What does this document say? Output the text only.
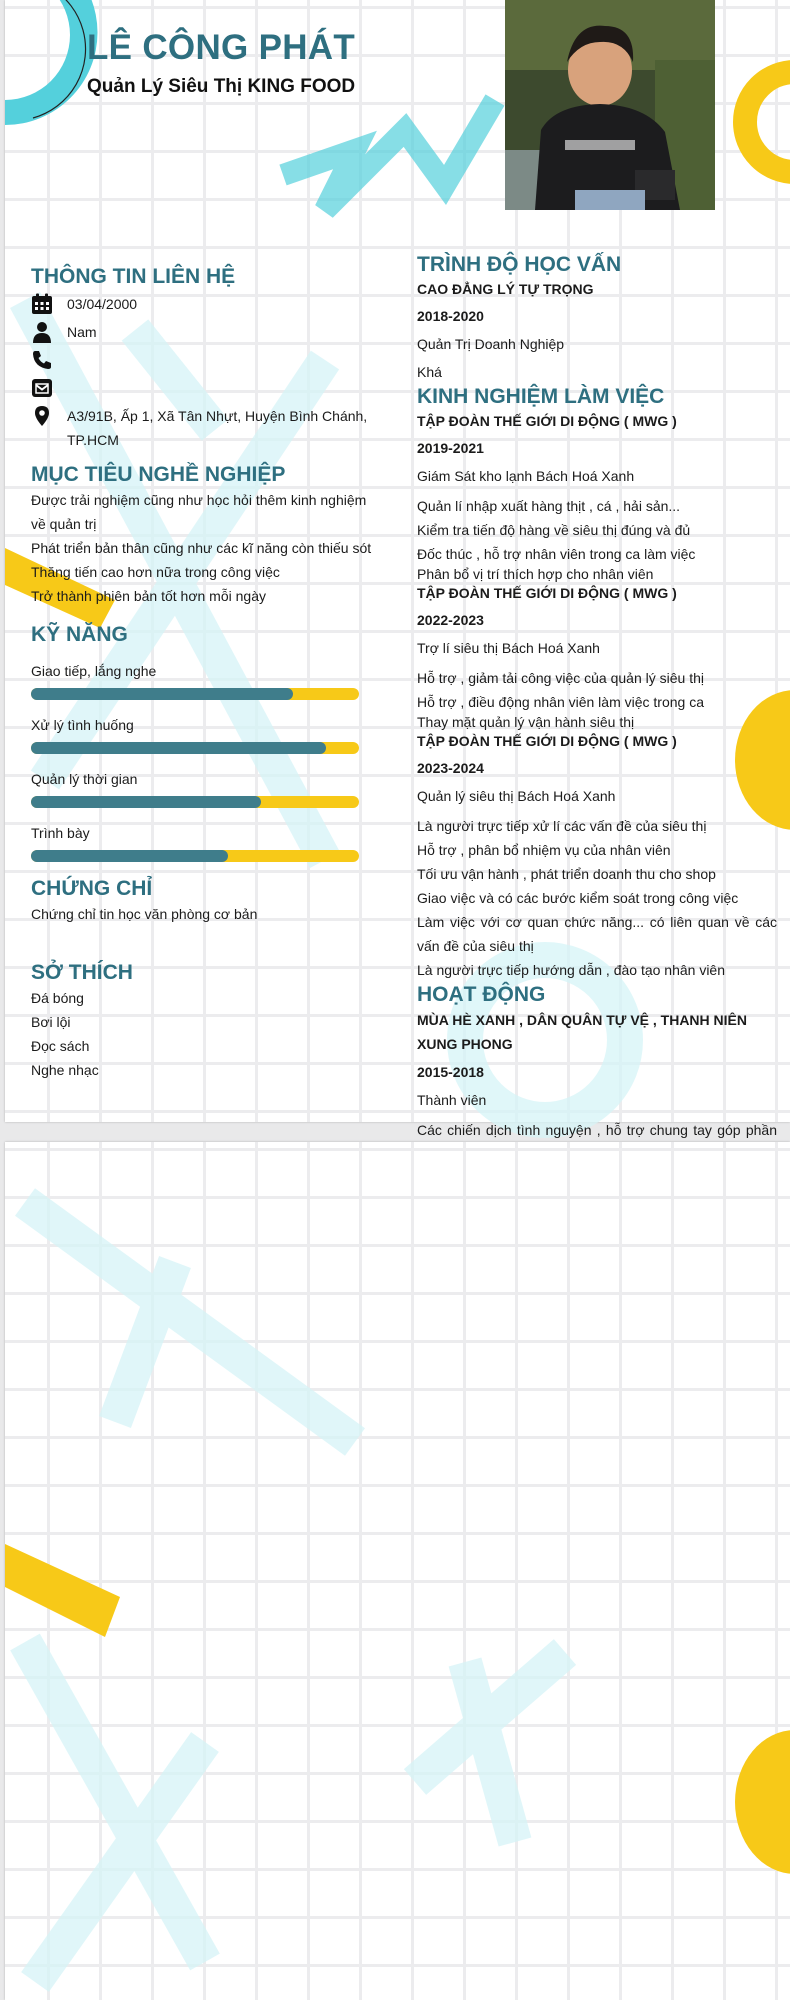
LÊ CÔNG PHÁT
Quản Lý Siêu Thị KING FOOD
THÔNG TIN LIÊN HỆ
03/04/2000
Nam
A3/91B, Ấp 1, Xã Tân Nhựt, Huyện Bình Chánh, TP.HCM
MỤC TIÊU NGHỀ NGHIỆP
Được trải nghiệm cũng như học hỏi thêm kinh nghiệm về quản trị
Phát triển bản thân cũng như các kĩ năng còn thiếu sót
Thăng tiến cao hơn nữa trong công việc
Trở thành phiên bản tốt hơn mỗi ngày
KỸ NĂNG
Giao tiếp, lắng nghe
Xử lý tình huống
Quản lý thời gian
Trình bày
CHỨNG CHỈ
Chứng chỉ tin học văn phòng cơ bản
SỞ THÍCH
Đá bóng
Bơi lội
Đọc sách
Nghe nhạc
TRÌNH ĐỘ HỌC VẤN
CAO ĐẲNG LÝ TỰ TRỌNG
2018-2020
Quản Trị Doanh Nghiệp
Khá
KINH NGHIỆM LÀM VIỆC
TẬP ĐOÀN THẾ GIỚI DI ĐỘNG ( MWG )
2019-2021
Giám Sát kho lạnh Bách Hoá Xanh
Quản lí nhập xuất hàng thịt , cá , hải sản...
Kiểm tra tiến độ hàng về siêu thị đúng và đủ
Đốc thúc , hỗ trợ nhân viên trong ca làm việc
Phân bổ vị trí thích hợp cho nhân viên
TẬP ĐOÀN THẾ GIỚI DI ĐỘNG ( MWG )
2022-2023
Trợ lí siêu thị Bách Hoá Xanh
Hỗ trợ , giảm tải công việc của quản lý siêu thị
Hỗ trợ , điều động nhân viên làm việc trong ca
Thay mặt quản lý vận hành siêu thị
TẬP ĐOÀN THẾ GIỚI DI ĐỘNG ( MWG )
2023-2024
Quản lý siêu thị Bách Hoá Xanh
Là người trực tiếp xử lí các vấn đề của siêu thị
Hỗ trợ , phân bổ nhiệm vụ của nhân viên
Tối ưu vận hành , phát triển doanh thu cho shop
Giao việc và có các bước kiểm soát trong công việc
Làm việc với cơ quan chức năng... có liên quan về các vấn đề của siêu thị
Là người trực tiếp hướng dẫn , đào tạo nhân viên
HOẠT ĐỘNG
MÙA HÈ XANH , DÂN QUÂN TỰ VỆ , THANH NIÊN XUNG PHONG
2015-2018
Thành viên
Các chiến dịch tình nguyện , hỗ trợ chung tay góp phần
